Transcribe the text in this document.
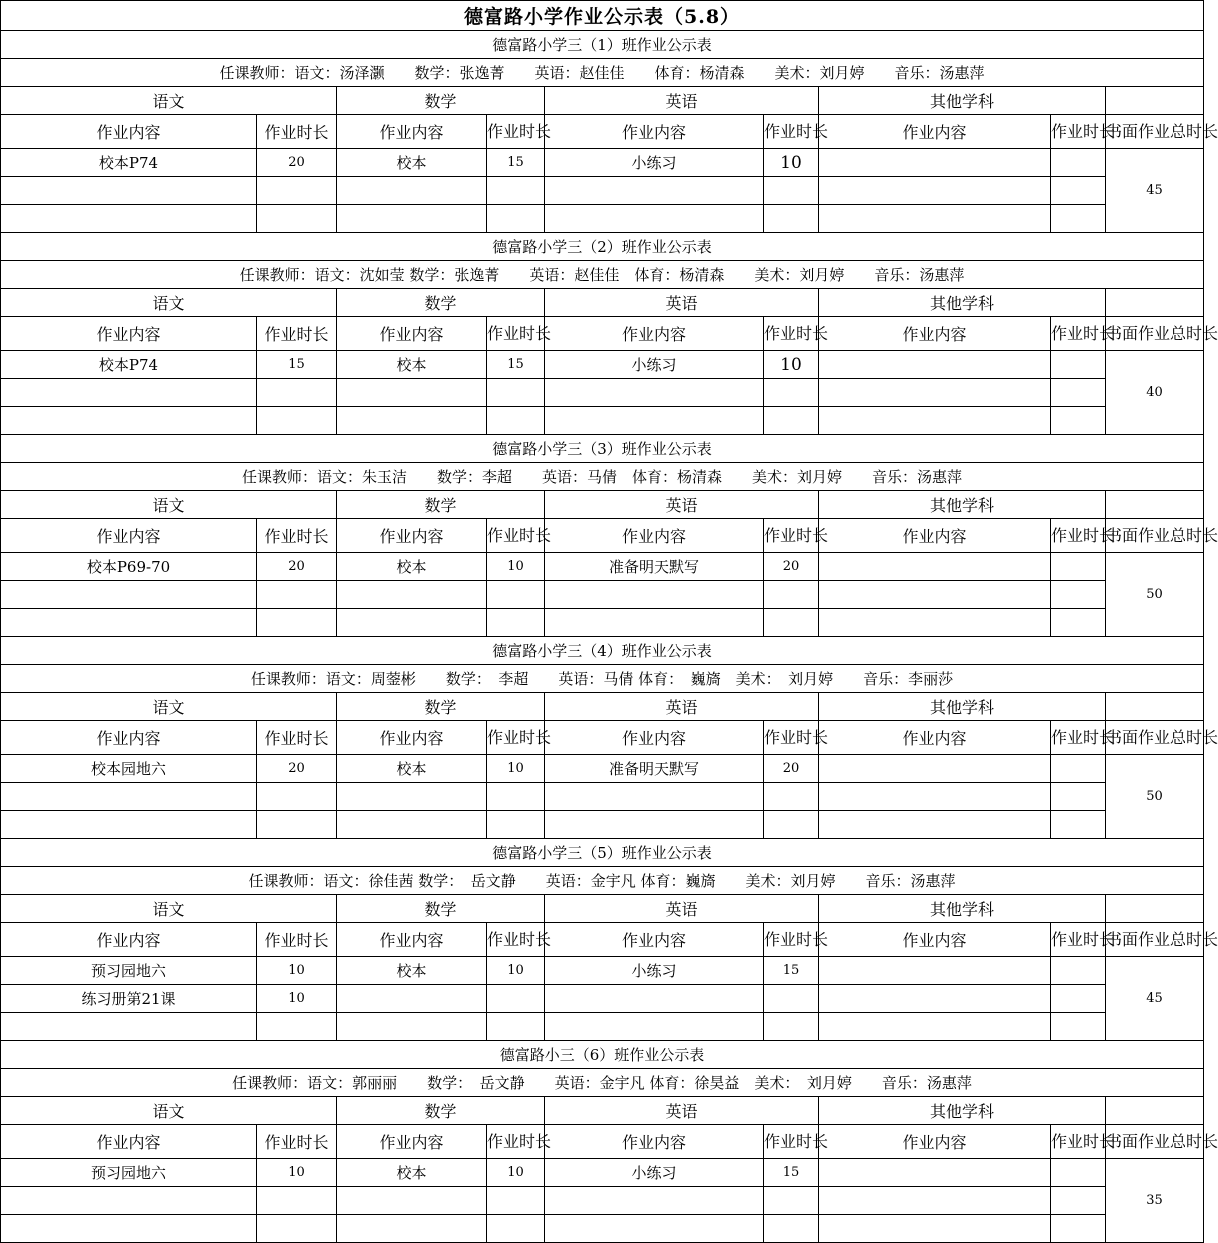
德富路小学作业公示表（5.8）								
德富路小学三（1）班作业公示表								
任课教师：语文：汤泽灏　　数学：张逸菁　　英语：赵佳佳　　体育：杨清森　　美术：刘月婷　　音乐：汤惠萍								
语文		数学		英语		其他学科		
作业内容	作业时长	作业内容	作业时长	作业内容	作业时长	作业内容	作业时长	书面作业总时长
校本P74	20	校本	15	小练习	10			45

德富路小学三（2）班作业公示表								
任课教师：语文：沈如莹 数学：张逸菁　　英语：赵佳佳　体育：杨清森　　美术：刘月婷　　音乐：汤惠萍								
语文		数学		英语		其他学科		
作业内容	作业时长	作业内容	作业时长	作业内容	作业时长	作业内容	作业时长	书面作业总时长
校本P74	15	校本	15	小练习	10			40

德富路小学三（3）班作业公示表								
任课教师：语文：朱玉洁　　数学：李超　　英语：马倩　体育：杨清森　　美术：刘月婷　　音乐：汤惠萍								
语文		数学		英语		其他学科		
作业内容	作业时长	作业内容	作业时长	作业内容	作业时长	作业内容	作业时长	书面作业总时长
校本P69-70	20	校本	10	准备明天默写	20			50

德富路小学三（4）班作业公示表								
任课教师：语文：周蓥彬　　数学：　李超　　英语：马倩 体育：　巍旖　美术：　刘月婷　　音乐：李丽莎								
语文		数学		英语		其他学科		
作业内容	作业时长	作业内容	作业时长	作业内容	作业时长	作业内容	作业时长	书面作业总时长
校本园地六	20	校本	10	准备明天默写	20			50

德富路小学三（5）班作业公示表								
任课教师：语文：徐佳茜 数学：　岳文静　　英语：金宇凡 体育：巍旖　　美术：刘月婷　　音乐：汤惠萍								
语文		数学		英语		其他学科		
作业内容	作业时长	作业内容	作业时长	作业内容	作业时长	作业内容	作业时长	书面作业总时长
预习园地六	10	校本	10	小练习	15			45
练习册第21课	10							

德富路小三（6）班作业公示表								
任课教师：语文：郭丽丽　　数学：　岳文静　　英语：金宇凡 体育：徐昊益　美术：　刘月婷　　音乐：汤惠萍								
语文		数学		英语		其他学科		
作业内容	作业时长	作业内容	作业时长	作业内容	作业时长	作业内容	作业时长	书面作业总时长
预习园地六	10	校本	10	小练习	15			35
